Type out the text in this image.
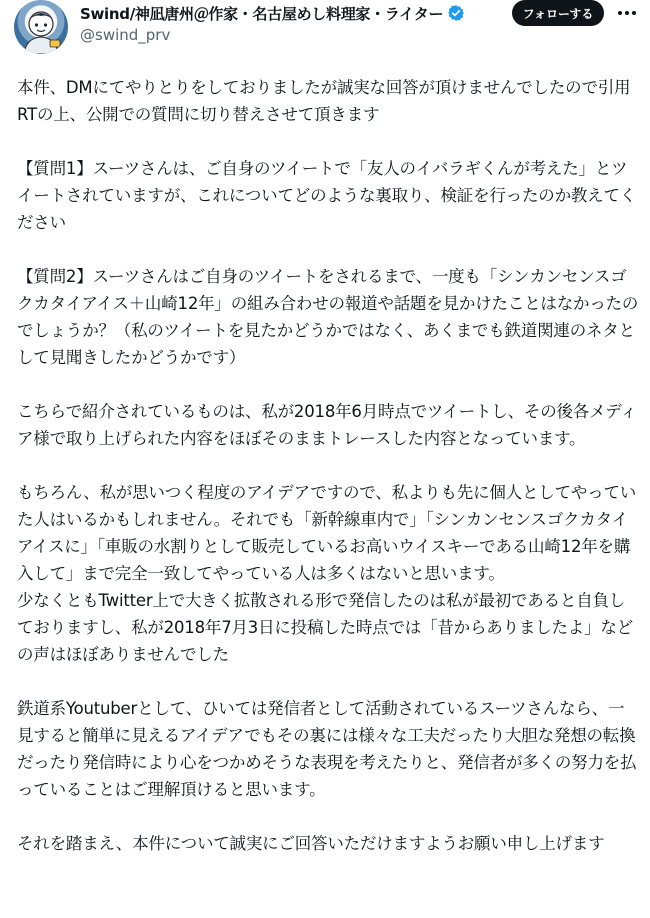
Swind/神凪唐州＠作家・名古屋めし料理家・ライター
@swind_prv
フォローする

本件、DMにてやりとりをしておりましたが誠実な回答が頂けませんでしたので引用RTの上、公開での質問に切り替えさせて頂きます

【質問1】スーツさんは、ご自身のツイートで「友人のイバラギくんが考えた」とツイートされていますが、これについてどのような裏取り、検証を行ったのか教えてください

【質問2】スーツさんはご自身のツイートをされるまで、一度も「シンカンセンスゴクカタイアイス＋山崎12年」の組み合わせの報道や話題を見かけたことはなかったのでしょうか？（私のツイートを見たかどうかではなく、あくまでも鉄道関連のネタとして見聞きしたかどうかです）

こちらで紹介されているものは、私が2018年6月時点でツイートし、その後各メディア様で取り上げられた内容をほぼそのままトレースした内容となっています。

もちろん、私が思いつく程度のアイデアですので、私よりも先に個人としてやっていた人はいるかもしれません。それでも「新幹線車内で」「シンカンセンスゴクカタイアイスに」「車販の水割りとして販売しているお高いウイスキーである山崎12年を購入して」まで完全一致してやっている人は多くはないと思います。

少なくともTwitter上で大きく拡散される形で発信したのは私が最初であると自負しておりますし、私が2018年7月3日に投稿した時点では「昔からありましたよ」などの声はほぼありませんでした

鉄道系Youtuberとして、ひいては発信者として活動されているスーツさんなら、一見すると簡単に見えるアイデアでもその裏には様々な工夫だったり大胆な発想の転換だったり発信時により心をつかめそうな表現を考えたりと、発信者が多くの努力を払っていることはご理解頂けると思います。

それを踏まえ、本件について誠実にご回答いただけますようお願い申し上げます
